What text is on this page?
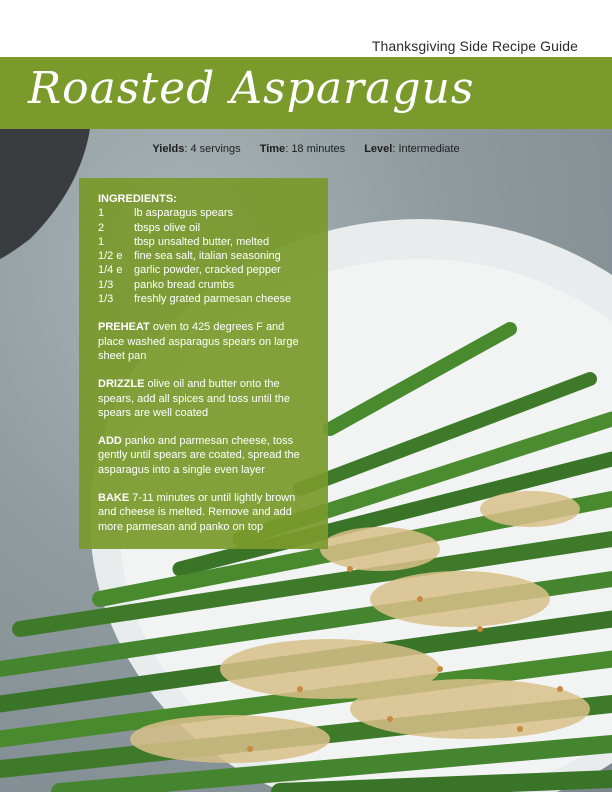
Thanksgiving Side Recipe Guide
Roasted Asparagus
Yields: 4 servings Time: 18 minutes Level: Intermediate
INGREDIENTS:
1	lb asparagus spears
2	tbsps olive oil
1	tbsp unsalted butter, melted
1/2 e	fine sea salt, italian seasoning
1/4 e	garlic powder, cracked pepper
1/3	panko bread crumbs
1/3	freshly grated parmesan cheese
PREHEAT oven to 425 degrees F and place washed asparagus spears on large sheet pan
DRIZZLE olive oil and butter onto the spears, add all spices and toss until the spears are well coated
ADD panko and parmesan cheese, toss gently until spears are coated, spread the asparagus into a single even layer
BAKE 7-11 minutes or until lightly brown and cheese is melted. Remove and add more parmesan and panko on top
